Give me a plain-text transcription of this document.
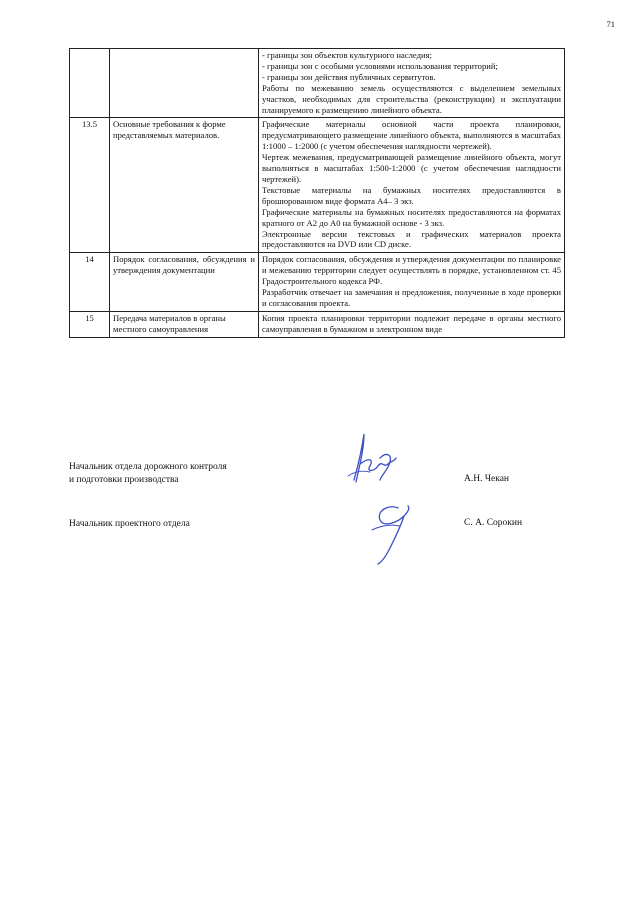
71

		- границы зон объектов культурного наследия;

- границы зон с особыми условиями использования территорий;

- границы зон действия публичных сервитутов.

Работы по межеванию земель осуществляются с выделением земельных участков, необходимых для строительства (реконструкции) и эксплуатации планируемого к размещению линейного объекта.

13.5	Основные требования к форме представляемых материалов.	Графические материалы основной части проекта планировки, предусматривающего размещение линейного объекта, выполняются в масштабах 1:1000 – 1:2000 (с учетом обеспечения наглядности чертежей).

Чертеж межевания, предусматривающей размещение линейного объекта, могут выполняться в масштабах 1:500-1:2000 (с учетом обеспечения наглядности чертежей).

Текстовые материалы на бумажных носителях предоставляются в брошюрованном виде формата А4– 3 экз.

Графические материалы на бумажных носителях предоставляются на форматах кратного от А2 до А0 на бумажной основе - 3 экз.

Электронные версии текстовых и графических материалов проекта предоставляются на DVD или CD диске.

14	Порядок согласования, обсуждения и утверждения документации	Порядок согласования, обсуждения и утверждения документации по планировке и межеванию территории следует осуществлять в порядке, установленном ст. 45 Градостроительного кодекса РФ.

Разработчик отвечает на замечания и предложения, полученные в ходе проверки и согласования проекта.

15	Передача материалов в органы местного самоуправления	Копия проекта планировки территории подлежит передаче в органы местного самоуправления в бумажном и электронном виде

Начальник отдела дорожного контроля
и подготовки производства	А.Н. Чекан
Начальник проектного отдела	С. А. Сорокин
